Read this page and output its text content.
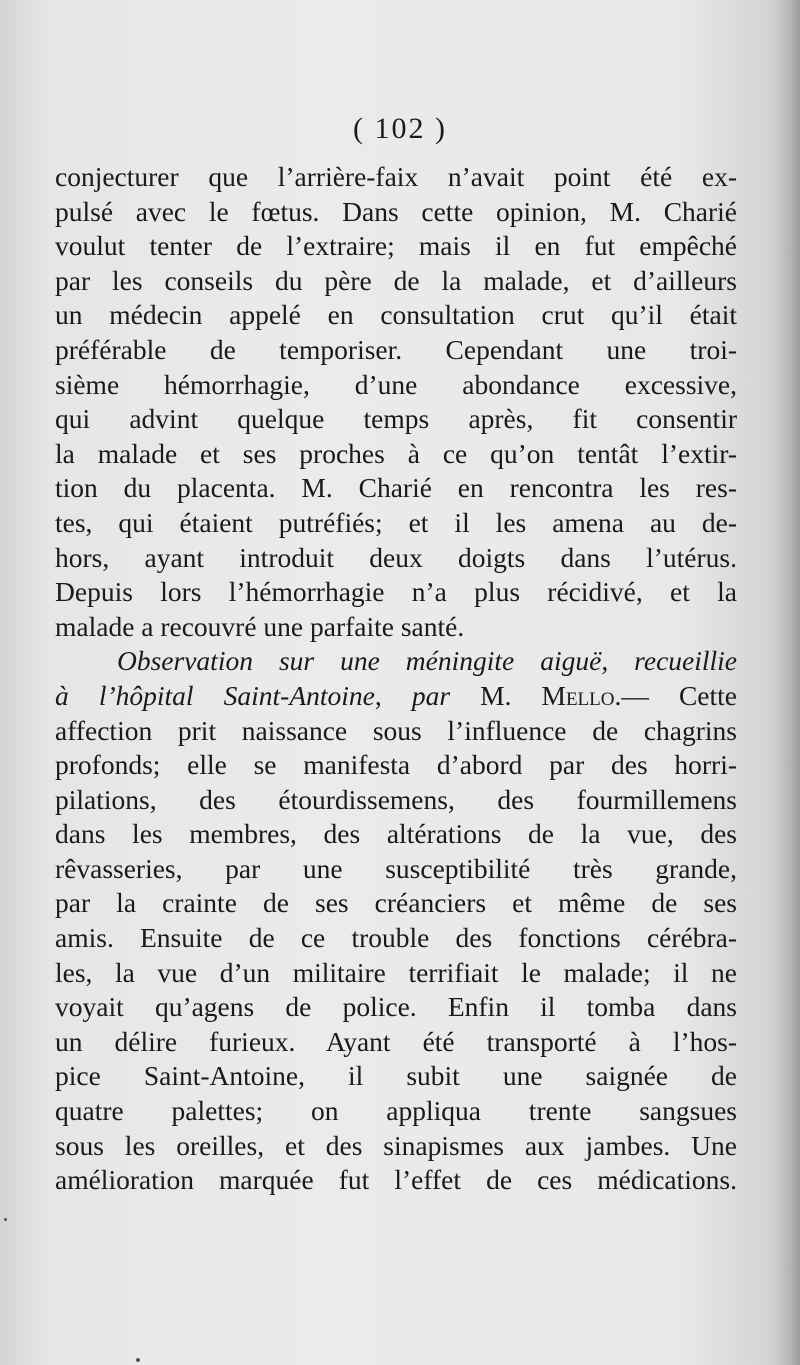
( 102 )
conjecturer que l’arrière-faix n’avait point été ex-
pulsé avec le fœtus. Dans cette opinion, M. Charié
voulut tenter de l’extraire; mais il en fut empêché
par les conseils du père de la malade, et d’ailleurs
un médecin appelé en consultation crut qu’il était
préférable de temporiser. Cependant une troi-
sième hémorrhagie, d’une abondance excessive,
qui advint quelque temps après, fit consentir
la malade et ses proches à ce qu’on tentât l’extir-
tion du placenta. M. Charié en rencontra les res-
tes, qui étaient putréfiés; et il les amena au de-
hors, ayant introduit deux doigts dans l’utérus.
Depuis lors l’hémorrhagie n’a plus récidivé, et la
malade a recouvré une parfaite santé.
Observation sur une méningite aiguë, recueillie
à l’hôpital Saint-Antoine, par M. Mello.— Cette
affection prit naissance sous l’influence de chagrins
profonds; elle se manifesta d’abord par des horri-
pilations, des étourdissemens, des fourmillemens
dans les membres, des altérations de la vue, des
rêvasseries, par une susceptibilité très grande,
par la crainte de ses créanciers et même de ses
amis. Ensuite de ce trouble des fonctions cérébra-
les, la vue d’un militaire terrifiait le malade; il ne
voyait qu’agens de police. Enfin il tomba dans
un délire furieux. Ayant été transporté à l’hos-
pice Saint-Antoine, il subit une saignée de
quatre palettes; on appliqua trente sangsues
sous les oreilles, et des sinapismes aux jambes. Une
amélioration marquée fut l’effet de ces médications.
